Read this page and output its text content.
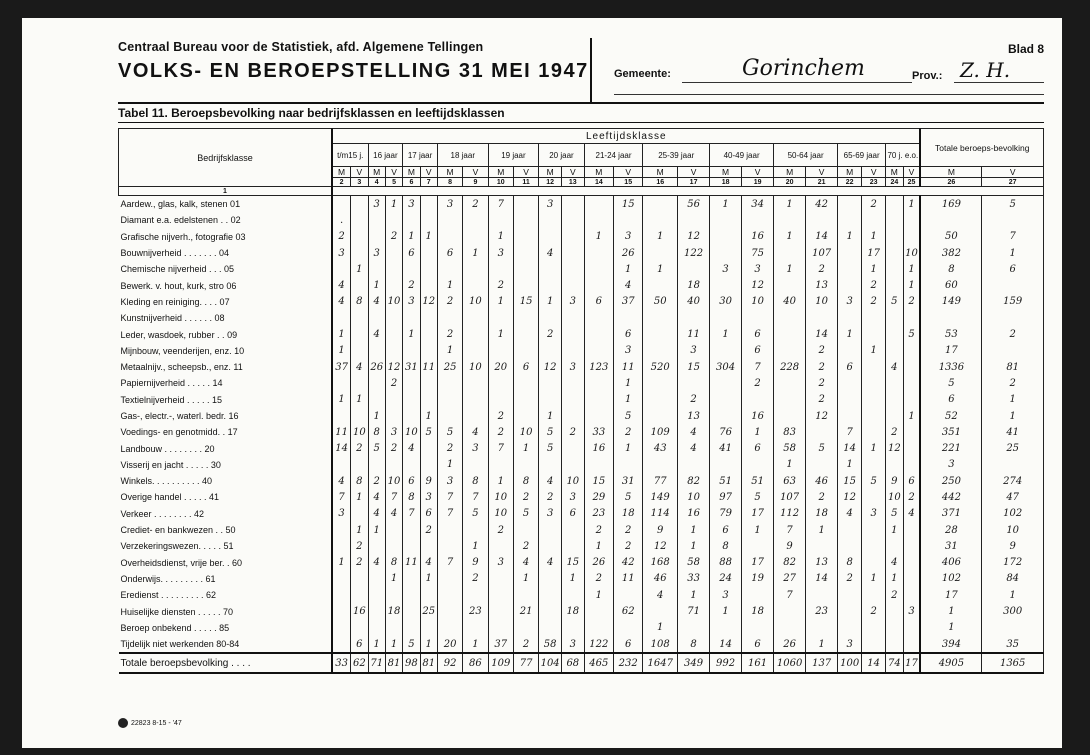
Centraal Bureau voor de Statistiek, afd. Algemene Tellingen
VOLKS- EN BEROEPSTELLING 31 MEI 1947
Blad 8
Gemeente:	Gorinchem	Prov.: Z. H.
Tabel 11. Beroepsbevolking naar bedrijfsklassen en leeftijdsklassen
Bedrijfsklasse	Leeftijdsklasse																								Totale beroeps-bevolking	
	t/m15 j.		16 jaar		17 jaar		18 jaar		19 jaar		20 jaar		21-24 jaar		25-39 jaar		40-49 jaar		50-64 jaar		65-69 jaar		70 j. e.o.			
	M	V	M	V	M	V	M	V	M	V	M	V	M	V	M	V	M	V	M	V	M	V	M	V	M	V
	2	3	4	5	6	7	8	9	10	11	12	13	14	15	16	17	18	19	20	21	22	23	24	25	26	27
1																										
Aardew., glas, kalk, stenen 01			3	1	3		3	2	7		3			15		56	1	34	1	42		2		1	169	5
Diamant e.a. edelstenen . . 02	.																									
Grafische nijverh., fotografie 03	2			2	1	1			1				1	3	1	12		16	1	14	1	1			50	7
Bouwnijverheid . . . . . . . 04	3		3		6		6	1	3		4			26		122		75		107		17		10	382	1
Chemische nijverheid . . . 05		1												1	1		3	3	1	2		1		1	8	6
Bewerk. v. hout, kurk, stro 06	4		1		2		1		2					4		18		12		13		2		1	60	
Kleding en reiniging. . . . 07	4	8	4	10	3	12	2	10	1	15	1	3	6	37	50	40	30	10	40	10	3	2	5	2	149	159
Kunstnijverheid . . . . . . 08																										
Leder, wasdoek, rubber . . 09	1		4		1		2		1		2			6		11	1	6		14	1			5	53	2
Mijnbouw, veenderijen, enz. 10	1						1							3		3		6		2		1			17	
Metaalnijv., scheepsb., enz. 11	37	4	26	12	31	11	25	10	20	6	12	3	123	11	520	15	304	7	228	2	6		4		1336	81
Papiernijverheid . . . . . 14				2										1				2		2					5	2
Textielnijverheid . . . . . 15	1	1												1		2				2					6	1
Gas-, electr.-, waterl. bedr. 16			1			1			2		1			5		13		16		12				1	52	1
Voedings- en genotmidd. . 17	11	10	8	3	10	5	5	4	2	10	5	2	33	2	109	4	76	1	83		7		2		351	41
Landbouw . . . . . . . . 20	14	2	5	2	4		2	3	7	1	5		16	1	43	4	41	6	58	5	14	1	12		221	25
Visserij en jacht . . . . . 30							1												1		1				3	
Winkels. . . . . . . . . . 40	4	8	2	10	6	9	3	8	1	8	4	10	15	31	77	82	51	51	63	46	15	5	9	6	250	274
Overige handel . . . . . 41	7	1	4	7	8	3	7	7	10	2	2	3	29	5	149	10	97	5	107	2	12		10	2	442	47
Verkeer . . . . . . . . 42	3		4	4	7	6	7	5	10	5	3	6	23	18	114	16	79	17	112	18	4	3	5	4	371	102
Crediet- en bankwezen . . 50		1	1			2			2				2	2	9	1	6	1	7	1			1		28	10
Verzekeringswezen. . . . . 51		2						1		2			1	2	12	1	8		9						31	9
Overheidsdienst, vrije ber. . 60	1	2	4	8	11	4	7	9	3	4	4	15	26	42	168	58	88	17	82	13	8		4		406	172
Onderwijs. . . . . . . . . 61				1		1		2		1		1	2	11	46	33	24	19	27	14	2	1	1		102	84
Eredienst . . . . . . . . . 62													1		4	1	3		7				2		17	1
Huiselijke diensten . . . . . 70		16		18		25		23		21		18		62		71	1	18		23		2		3	1	300
Beroep onbekend . . . . . 85															1										1	
Tijdelijk niet werkenden 80-84		6	1	1	5	1	20	1	37	2	58	3	122	6	108	8	14	6	26	1	3				394	35
Totale beroepsbevolking . . . .	33	62	71	81	98	81	92	86	109	77	104	68	465	232	1647	349	992	161	1060	137	100	14	74	17	4905	1365
22823 8-15 - '47
